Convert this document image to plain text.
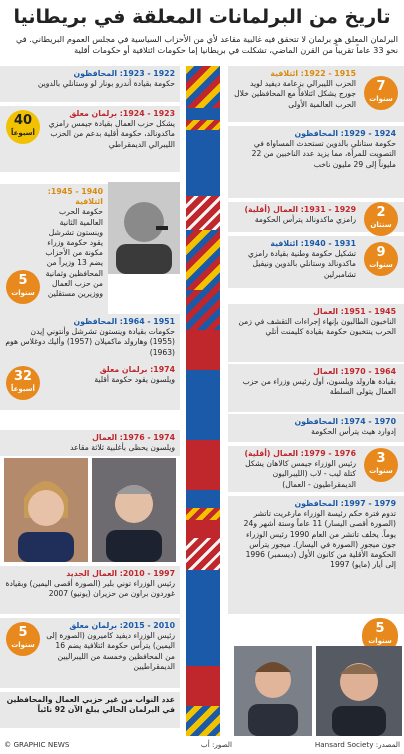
تاريخ من البرلمانات المعلقة في بريطانيا
البرلمان المعلق هو برلمان لا تتحقق فيه غالبية مقاعد لأي من الأحزاب السياسية في مجلس العموم البريطاني. في نحو 33 عاماً تقريباً من القرن الماضي، تشكلت في بريطانيا إما حكومات ائتلافية أو حكومات أقلية
1915 - 1922: ائتلافية
الحزب الليبرالي بزعامة ديفيد لويد جورج يشكل ائتلافاً مع المحافظين خلال الحرب العالمية الأولى
7
سنوات
1924 - 1929: المحافظون
حكومة ستانلي بالدوين تستحدث المساواة في التصويت للمرأة، مما يزيد عدد الناخبين من 22 مليوناً إلى 29 مليون ناخب
1929 - 1931: العمال (أقلية)
رامزي ماكدونالد يترأس الحكومة	2
سنتان
1931 - 1940: ائتلافية
تشكيل حكومة وطنية بقيادة رامزي ماكدونالد وستانلي بالدوين ونيفيل تشامبرلين
9
سنوات
1945 - 1951: العمال
الناخبون الطالبون بإنهاء إجراءات التقشف في زمن الحرب ينتخبون حكومة بقيادة كليمنت أتلي
1964 - 1970: العمال
بقيادة هارولد ويلسون، أول رئيس وزراء من حزب العمال يتولى السلطة
1970 - 1974: المحافظون
إدوارد هيث يترأس الحكومة
1976 - 1979: العمال (أقلية)
رئيس الوزراء جيمس كالاهان يشكل كتلة ليب - لاب (الليبراليون الديمقراطيون - العمال)
3
سنوات
1979 - 1997: المحافظون
تدوم فترة حكم رئيسة الوزراء مارغريت تاتشر (الصورة أقصى اليسار) 11 عاماً وستة أشهر و24 يوماً. يخلف تاتشر من العام 1990 رئيس الوزراء جون ميجور (الصورة في اليسار). ميجور يترأس الحكومة الأقلية من كانون الأول (ديسمبر) 1996 إلى أيار (مايو) 1997
5
سنوات
1922 - 1923: المحافظون
حكومة بقيادة أندرو بونار لو وستانلي بالدوين
1923 - 1924: برلمان معلق
يشكل حزب العمال بقيادة جيمس رامزي ماكدونالد، حكومة أقلية بدعم من الحزب الليبرالي الديمقراطي
40
أسبوعاً
1940 - 1945: ائتلافية
حكومة الحرب العالمية الثانية وينستون تشرشل يقود حكومة وزراء مكونة من الأحزاب يضم 13 وزيراً من المحافظين وثمانية من حزب العمال ووزيرين مستقلين
5
سنوات
1951 - 1964: المحافظون
حكومات بقيادة وينستون تشرشل وأنتوني إيدن (1955) وهارولد ماكميلان (1957) وأليك دوغلاس هوم (1963)
1974: برلمان معلق
ويلسون يقود حكومة أقلية
32
أسبوعاً
1974 - 1976: العمال
ويلسون يحظى بأغلبية ثلاثة مقاعد
1997 - 2010: العمال الجديد
رئيس الوزراء توني بلير (الصورة أقصى اليمين) وبقيادة غوردون براون من حزيران (يونيو) 2007
2010 - 2015: برلمان معلق
رئيس الوزراء ديفيد كاميرون (الصورة إلى اليمين) يترأس حكومة ائتلافية يضم 16 من المحافظين وخمسة من الليبراليين الديمقراطيين
5
سنوات
عدد النواب من غير حزبي العمال والمحافظين في البرلمان الحالي يبلغ الآن 92 نائباً
المصدر: Hansard Society
الصور: أب
© GRAPHIC NEWS
